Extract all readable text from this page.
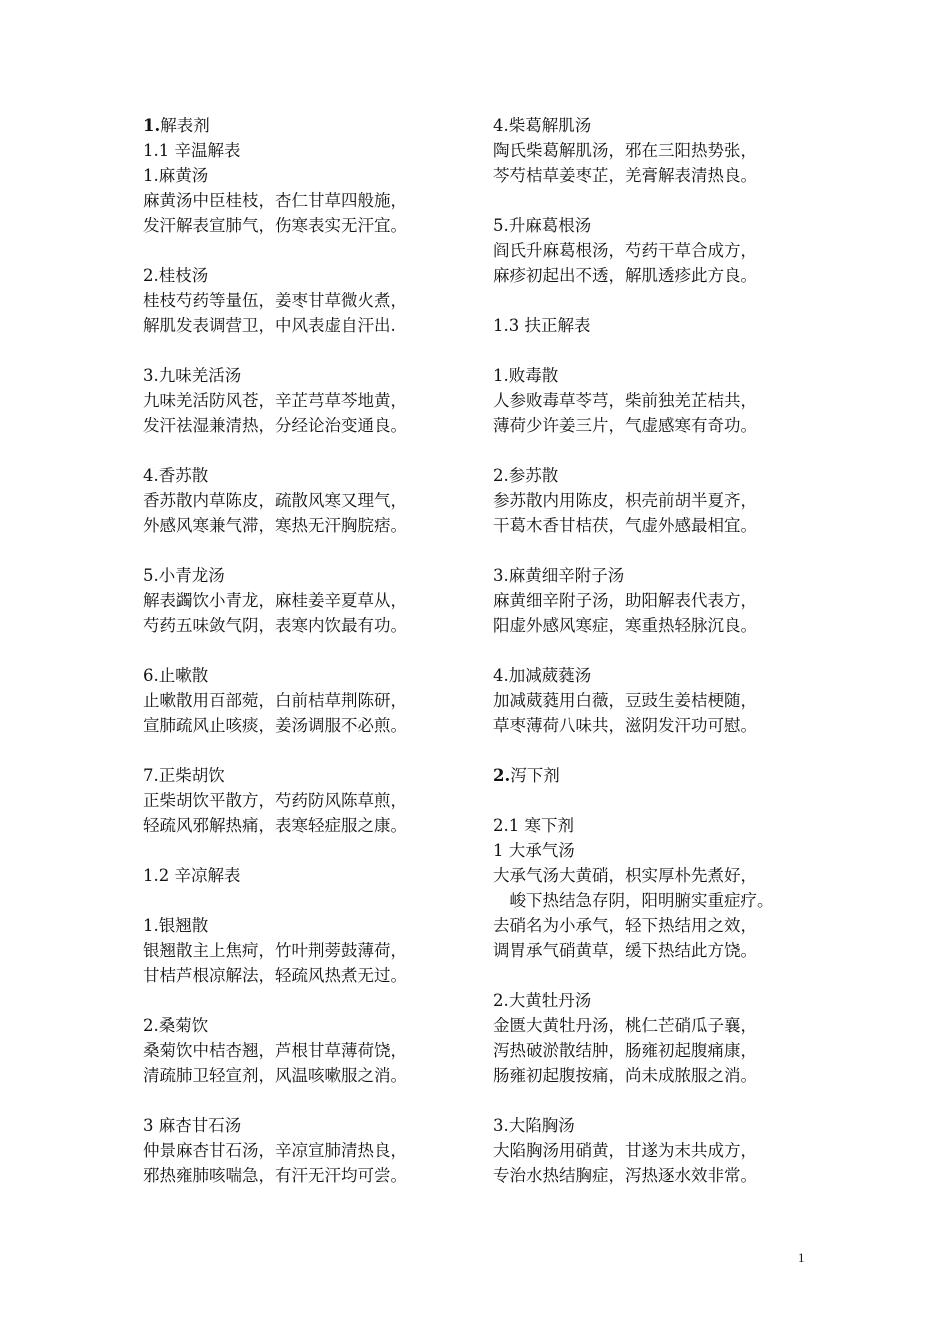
1.解表剂
1.1 辛温解表
1.麻黄汤
麻黄汤中臣桂枝，杏仁甘草四般施，
发汗解表宣肺气，伤寒表实无汗宜。
2.桂枝汤
桂枝芍药等量伍，姜枣甘草微火煮，
解肌发表调营卫，中风表虚自汗出.
3.九味羌活汤
九味羌活防风苍，辛芷芎草芩地黄，
发汗祛湿兼清热，分经论治变通良。
4.香苏散
香苏散内草陈皮，疏散风寒又理气，
外感风寒兼气滞，寒热无汗胸脘痞。
5.小青龙汤
解表蠲饮小青龙，麻桂姜辛夏草从，
芍药五味敛气阴，表寒内饮最有功。
6.止嗽散
止嗽散用百部菀，白前桔草荆陈研，
宣肺疏风止咳痰，姜汤调服不必煎。
7.正柴胡饮
正柴胡饮平散方，芍药防风陈草煎，
轻疏风邪解热痛，表寒轻症服之康。
1.2 辛凉解表
1.银翘散
银翘散主上焦疴，竹叶荆蒡鼓薄荷，
甘桔芦根凉解法，轻疏风热煮无过。
2.桑菊饮
桑菊饮中桔杏翘，芦根甘草薄荷饶，
清疏肺卫轻宣剂，风温咳嗽服之消。
3 麻杏甘石汤
仲景麻杏甘石汤，辛凉宣肺清热良，
邪热雍肺咳喘急，有汗无汗均可尝。
4.柴葛解肌汤
陶氏柴葛解肌汤，邪在三阳热势张，
芩芍桔草姜枣芷，羌膏解表清热良。
5.升麻葛根汤
阎氏升麻葛根汤，芍药干草合成方，
麻疹初起出不透，解肌透疹此方良。
1.3 扶正解表
1.败毒散
人参败毒草苓芎，柴前独羌芷桔共，
薄荷少许姜三片，气虚感寒有奇功。
2.参苏散
参苏散内用陈皮，枳壳前胡半夏齐，
干葛木香甘桔茯，气虚外感最相宜。
3.麻黄细辛附子汤
麻黄细辛附子汤，助阳解表代表方，
阳虚外感风寒症，寒重热轻脉沉良。
4.加减葳蕤汤
加减葳蕤用白薇，豆豉生姜桔梗随，
草枣薄荷八味共，滋阴发汗功可慰。
2.泻下剂
2.1 寒下剂
1 大承气汤
大承气汤大黄硝，枳实厚朴先煮好，
峻下热结急存阴，阳明腑实重症疗。
去硝名为小承气，轻下热结用之效，
调胃承气硝黄草，缓下热结此方饶。
2.大黄牡丹汤
金匮大黄牡丹汤，桃仁芒硝瓜子襄，
泻热破淤散结肿，肠雍初起腹痛康，
肠雍初起腹按痛，尚未成脓服之消。
3.大陷胸汤
大陷胸汤用硝黄，甘遂为末共成方，
专治水热结胸症，泻热逐水效非常。
1
